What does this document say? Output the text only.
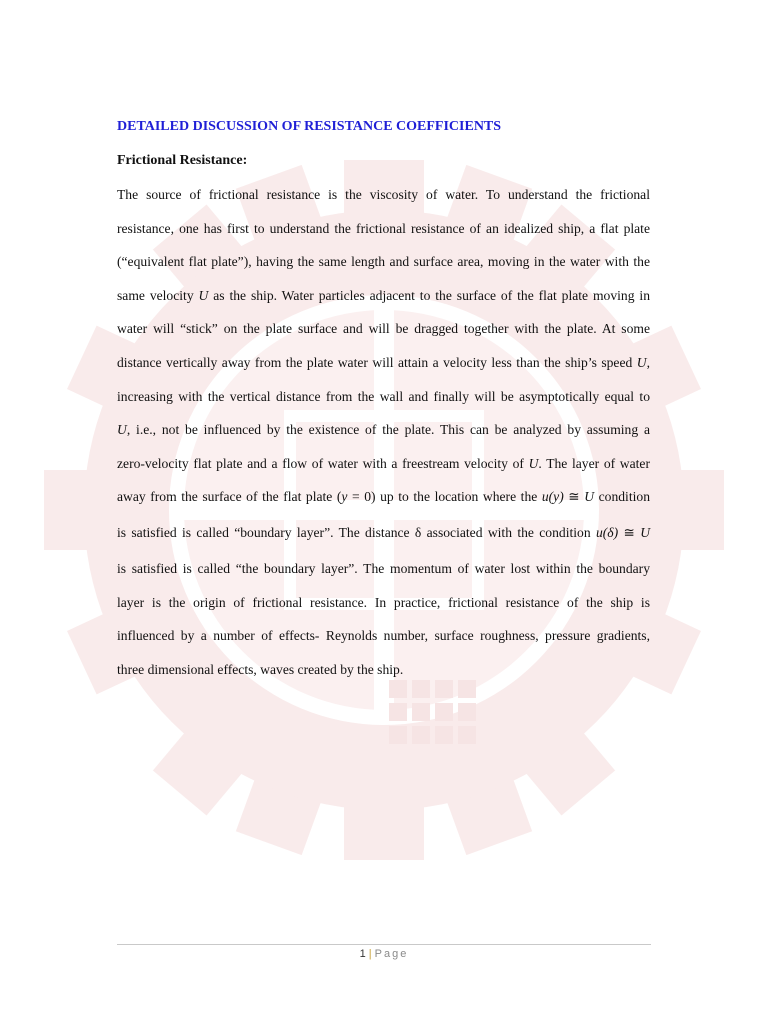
DETAILED DISCUSSION OF RESISTANCE COEFFICIENTS
Frictional Resistance:
The source of frictional resistance is the viscosity of water. To understand the frictional
resistance, one has first to understand the frictional resistance of an idealized ship, a flat plate
(“equivalent flat plate”), having the same length and surface area, moving in the water with the
same velocity U as the ship. Water particles adjacent to the surface of the flat plate moving in
water will “stick” on the plate surface and will be dragged together with the plate. At some
distance vertically away from the plate water will attain a velocity less than the ship’s speed U,
increasing with the vertical distance from the wall and finally will be asymptotically equal to
U, i.e., not be influenced by the existence of the plate. This can be analyzed by assuming a
zero-velocity flat plate and a flow of water with a freestream velocity of U. The layer of water
away from the surface of the flat plate (y = 0) up to the location where the u(y) ≅ U condition
is satisfied is called “boundary layer”. The distance δ associated with the condition u(δ) ≅ U
is satisfied is called “the boundary layer”. The momentum of water lost within the boundary
layer is the origin of frictional resistance. In practice, frictional resistance of the ship is
influenced by a number of effects- Reynolds number, surface roughness, pressure gradients,
three dimensional effects, waves created by the ship.
1 | Page
